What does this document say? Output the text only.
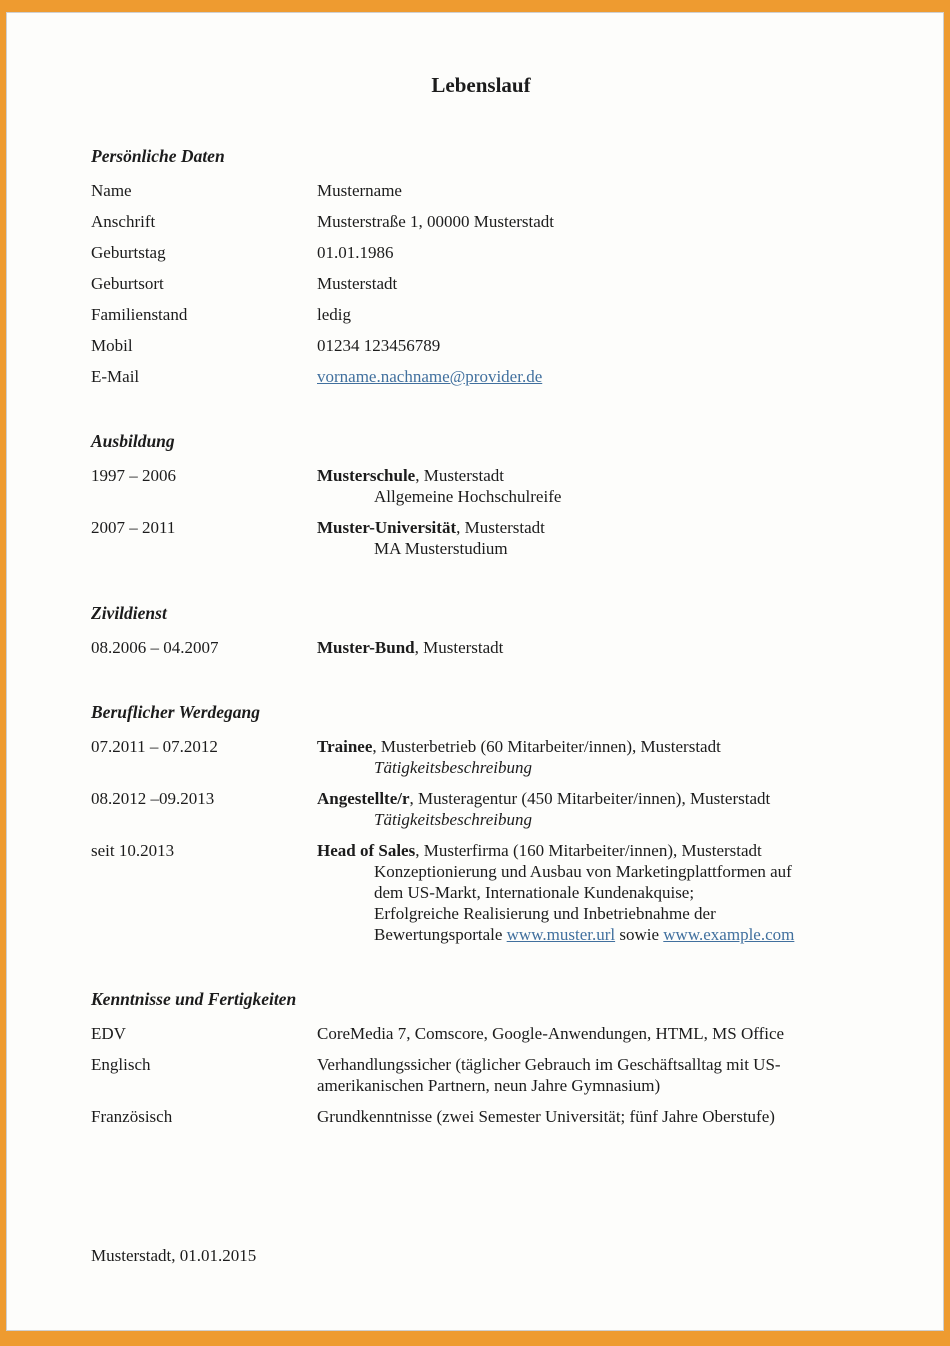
Lebenslauf
Persönliche Daten
Name	Mustername
Anschrift	Musterstraße 1, 00000 Musterstadt
Geburtstag	01.01.1986
Geburtsort	Musterstadt
Familienstand	ledig
Mobil	01234 123456789
E-Mail	vorname.nachname@provider.de
Ausbildung
1997 – 2006	Musterschule, Musterstadt
Allgemeine Hochschulreife
2007 – 2011	Muster-Universität, Musterstadt
MA Musterstudium
Zivildienst
08.2006 – 04.2007	Muster-Bund, Musterstadt
Beruflicher Werdegang
07.2011 – 07.2012	Trainee, Musterbetrieb (60 Mitarbeiter/innen), Musterstadt
Tätigkeitsbeschreibung
08.2012 –09.2013	Angestellte/r, Musteragentur (450 Mitarbeiter/innen), Musterstadt
Tätigkeitsbeschreibung
seit 10.2013	Head of Sales, Musterfirma (160 Mitarbeiter/innen), Musterstadt
Konzeptionierung und Ausbau von Marketingplattformen auf
dem US-Markt, Internationale Kundenakquise;
Erfolgreiche Realisierung und Inbetriebnahme der
Bewertungsportale www.muster.url sowie www.example.com
Kenntnisse und Fertigkeiten
EDV	CoreMedia 7, Comscore, Google-Anwendungen, HTML, MS Office
Englisch	Verhandlungssicher (täglicher Gebrauch im Geschäftsalltag mit US-amerikanischen Partnern, neun Jahre Gymnasium)
Französisch	Grundkenntnisse (zwei Semester Universität; fünf Jahre Oberstufe)
Musterstadt, 01.01.2015
